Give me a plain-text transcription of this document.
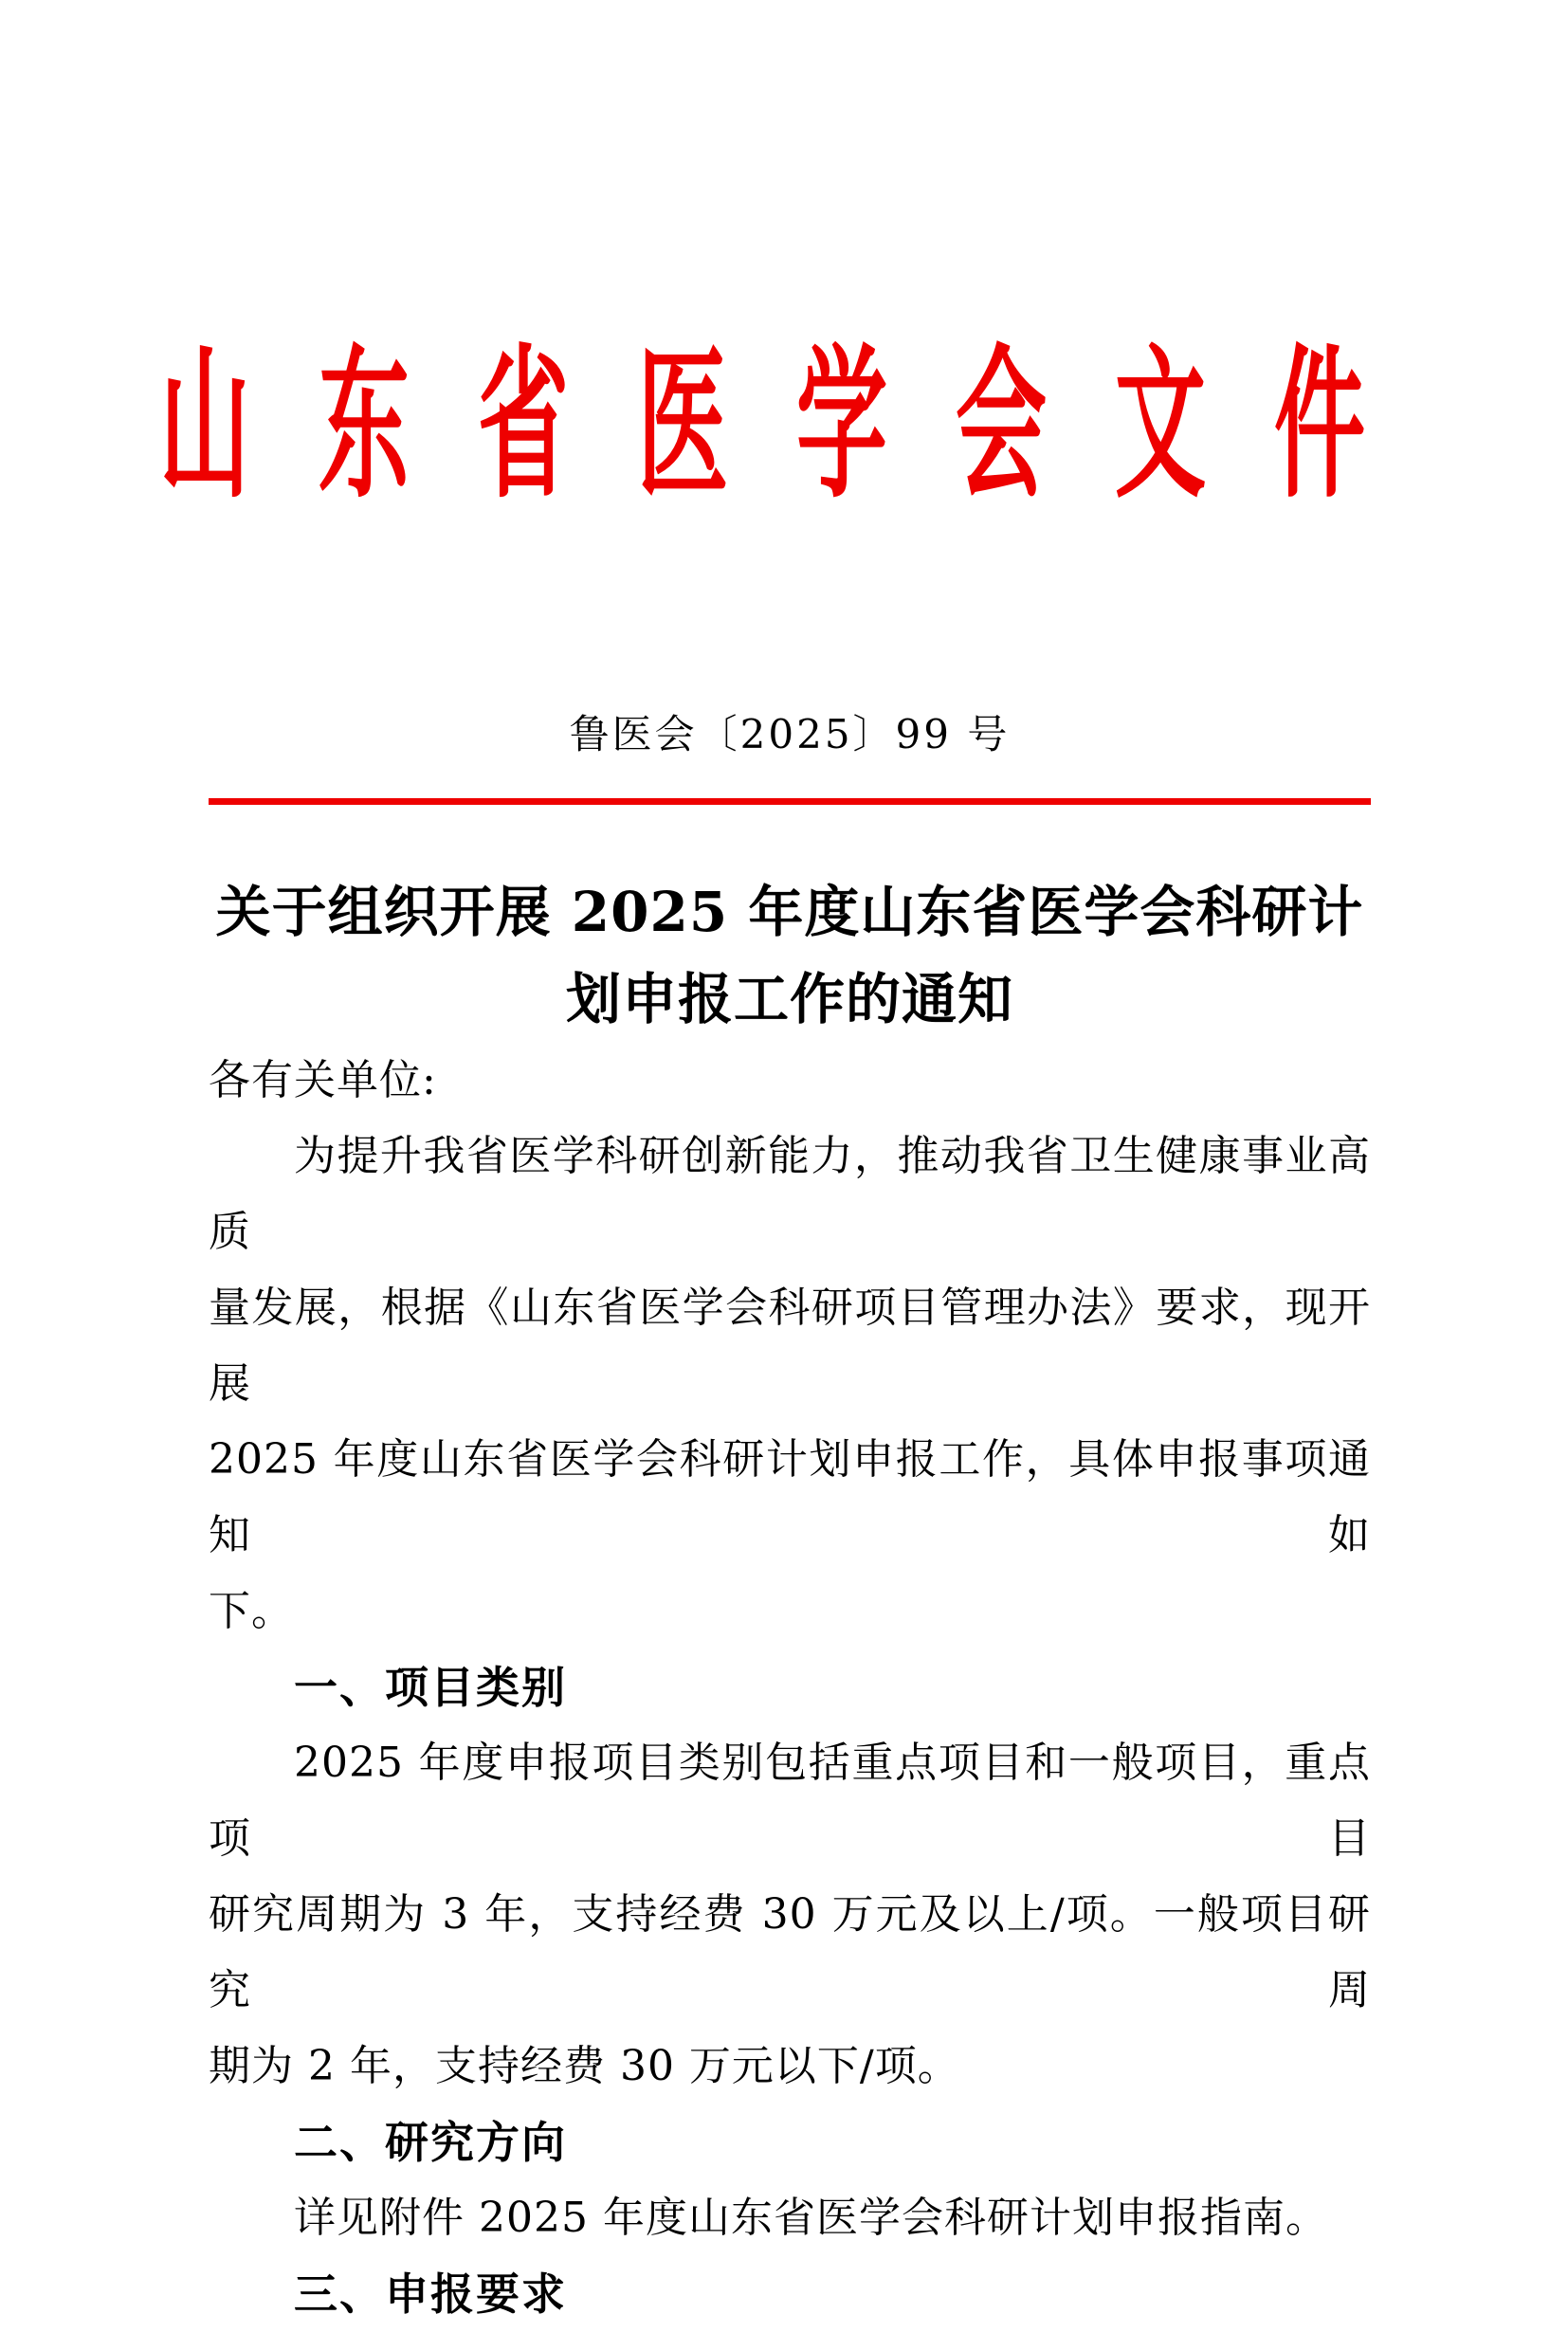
山 东 省 医 学 会 文 件
鲁医会〔2025〕99 号
关于组织开展 2025 年度山东省医学会科研计
划申报工作的通知
各有关单位:
为提升我省医学科研创新能力，推动我省卫生健康事业高质
量发展，根据《山东省医学会科研项目管理办法》要求，现开展
2025 年度山东省医学会科研计划申报工作，具体申报事项通知如
下。
一、项目类别
2025 年度申报项目类别包括重点项目和一般项目，重点项目
研究周期为 3 年，支持经费 30 万元及以上/项。一般项目研究周
期为 2 年，支持经费 30 万元以下/项。
二、研究方向
详见附件 2025 年度山东省医学会科研计划申报指南。
三、申报要求
